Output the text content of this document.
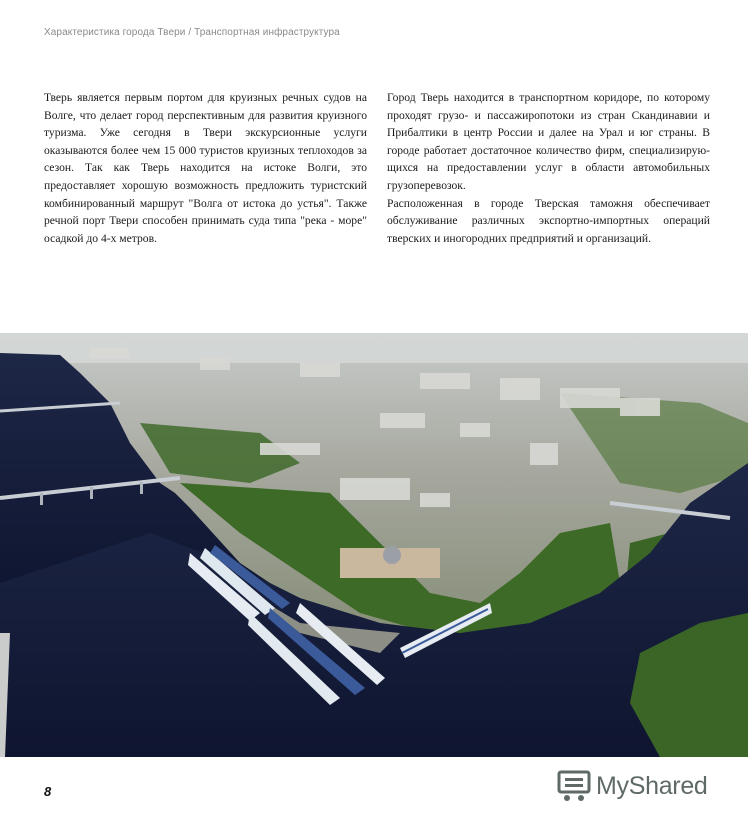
Характеристика города Твери / Транспортная инфраструктура

Тверь является первым портом для круизных речных судов на Волге, что делает город перспективным для развития круизного туризма. Уже сегодня в Твери экскурсионные услуги оказываются более чем 15 000 туристов круизных теплоходов за сезон. Так как Тверь находится на истоке Волги, это предоставляет хорошую возможность предложить туристский комбинированный маршрут "Волга от истока до устья". Также речной порт Твери способен принимать суда типа "река - море" осадкой до 4-х метров.

Город Тверь находится в транспортном коридоре, по которому проходят грузо- и пассажиропотоки из стран Скандинавии и Прибалтики в центр России и далее на Урал и юг страны. В городе работает достаточное количество фирм, специализирую-щихся на предоставлении услуг в области автомобильных грузоперевозок.

Расположенная в городе Тверская таможня обеспечивает обслуживание различных экспортно-импортных операций тверских и иногородних предприятий и организаций.

8	MyShared
